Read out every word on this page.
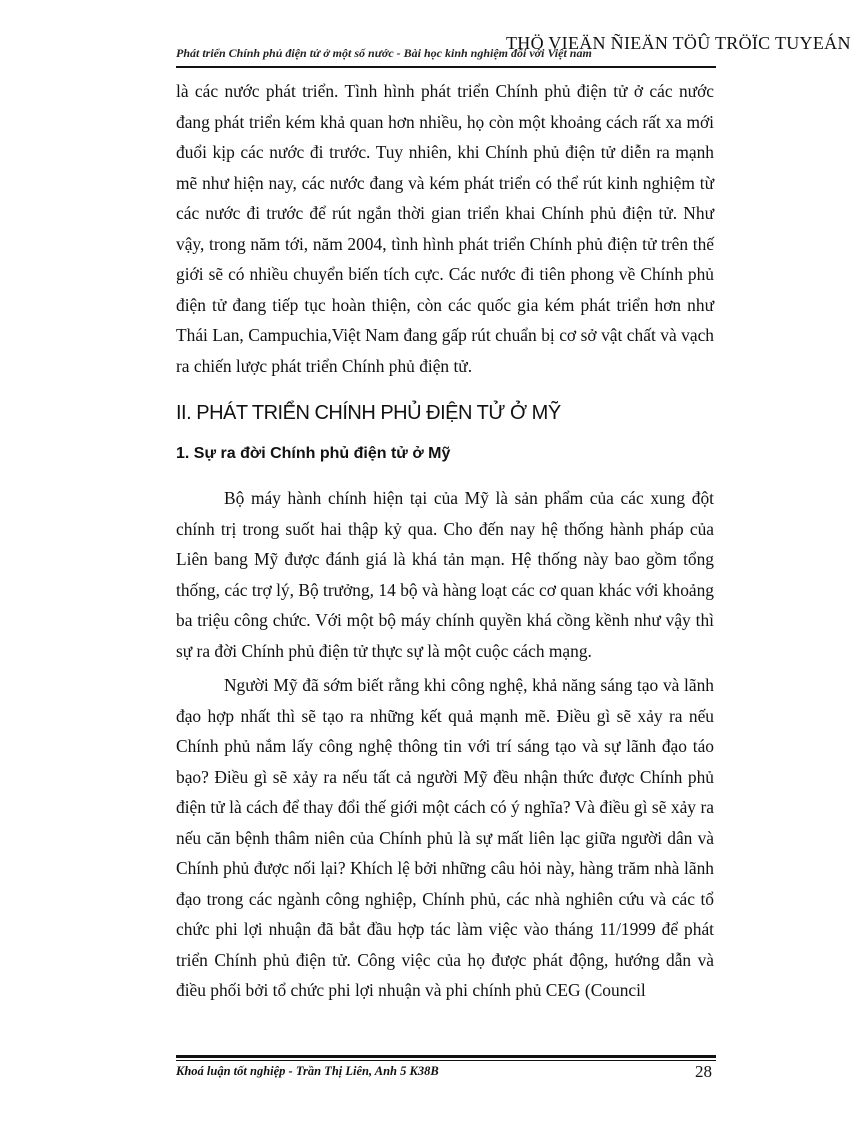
Phát triển Chính phủ điện tử ở một số nước - Bài học kinh nghiệm đối với Việt nam
THÖ VIEÄN ÑIEÄN TÖÛ TRÖÏC TUYEÁN

là các nước phát triển. Tình hình phát triển Chính phủ điện tử ở các nước đang phát triển kém khả quan hơn nhiều, họ còn một khoảng cách rất xa mới đuổi kịp các nước đi trước. Tuy nhiên, khi Chính phủ điện tử diễn ra mạnh mẽ như hiện nay, các nước đang và kém phát triển có thể rút kinh nghiệm từ các nước đi trước để rút ngắn thời gian triển khai Chính phủ điện tử. Như vậy, trong năm tới, năm 2004, tình hình phát triển Chính phủ điện tử trên thế giới sẽ có nhiều chuyển biến tích cực. Các nước đi tiên phong về Chính phủ điện tử đang tiếp tục hoàn thiện, còn các quốc gia kém phát triển hơn như Thái Lan, Campuchia,Việt Nam đang gấp rút chuẩn bị cơ sở vật chất và vạch ra chiến lược phát triển Chính phủ điện tử.

II. PHÁT TRIỂN CHÍNH PHỦ ĐIỆN TỬ Ở MỸ
1. Sự ra đời Chính phủ điện tử ở Mỹ

Bộ máy hành chính hiện tại của Mỹ là sản phẩm của các xung đột chính trị trong suốt hai thập kỷ qua. Cho đến nay hệ thống hành pháp của Liên bang Mỹ được đánh giá là khá tản mạn. Hệ thống này bao gồm tổng thống, các trợ lý, Bộ trưởng, 14 bộ và hàng loạt các cơ quan khác với khoảng ba triệu công chức. Với một bộ máy chính quyền khá cồng kềnh như vậy thì sự ra đời Chính phủ điện tử thực sự là một cuộc cách mạng.

Người Mỹ đã sớm biết rằng khi công nghệ, khả năng sáng tạo và lãnh đạo hợp nhất thì sẽ tạo ra những kết quả mạnh mẽ. Điều gì sẽ xảy ra nếu Chính phủ nắm lấy công nghệ thông tin với trí sáng tạo và sự lãnh đạo táo bạo? Điều gì sẽ xảy ra nếu tất cả người Mỹ đều nhận thức được Chính phủ điện tử là cách để thay đổi thế giới một cách có ý nghĩa? Và điều gì sẽ xảy ra nếu căn bệnh thâm niên của Chính phủ là sự mất liên lạc giữa người dân và Chính phủ được nối lại? Khích lệ bởi những câu hỏi này, hàng trăm nhà lãnh đạo trong các ngành công nghiệp, Chính phủ, các nhà nghiên cứu và các tổ chức phi lợi nhuận đã bắt đầu hợp tác làm việc vào tháng 11/1999 để phát triển Chính phủ điện tử. Công việc của họ được phát động, hướng dẫn và điều phối bởi tổ chức phi lợi nhuận và phi chính phủ CEG (Council

Khoá luận tốt nghiệp - Trần Thị Liên, Anh 5 K38B	28
